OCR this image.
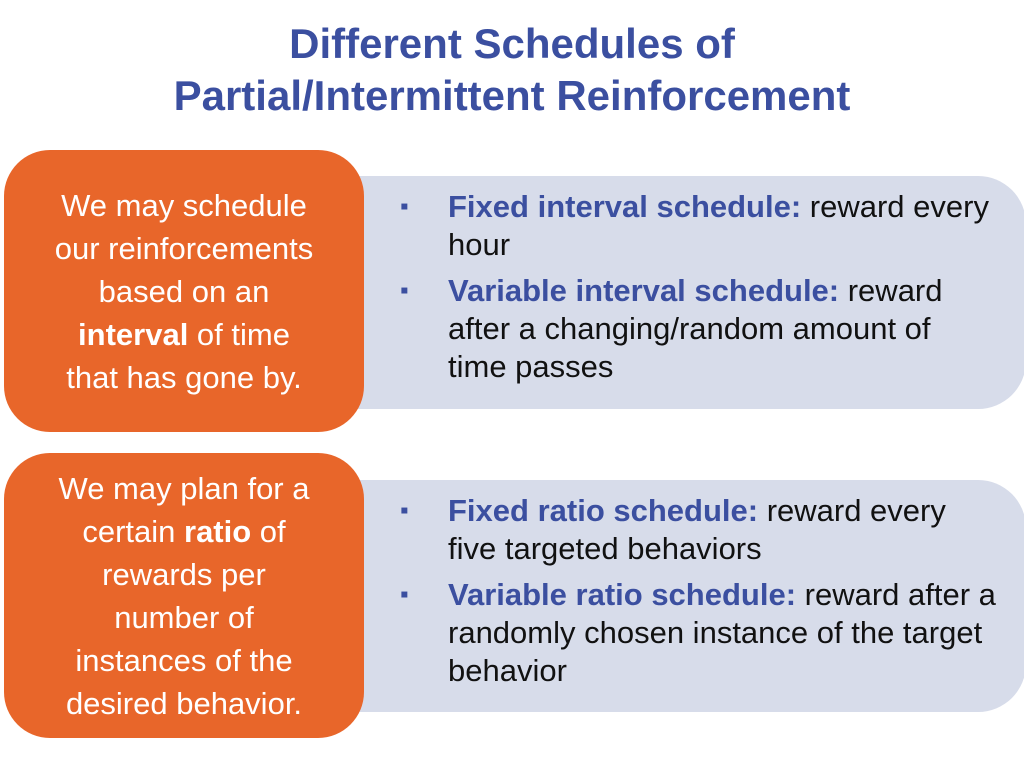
Different Schedules of
Partial/Intermittent Reinforcement
▪ Fixed interval schedule: reward every hour
▪ Variable interval schedule: reward after a changing/random amount of time passes
We may schedule
our reinforcements
based on an
interval of time
that has gone by.
▪ Fixed ratio schedule: reward every five targeted behaviors
▪ Variable ratio schedule: reward after a randomly chosen instance of the target behavior
We may plan for a
certain ratio of
rewards per
number of
instances of the
desired behavior.
